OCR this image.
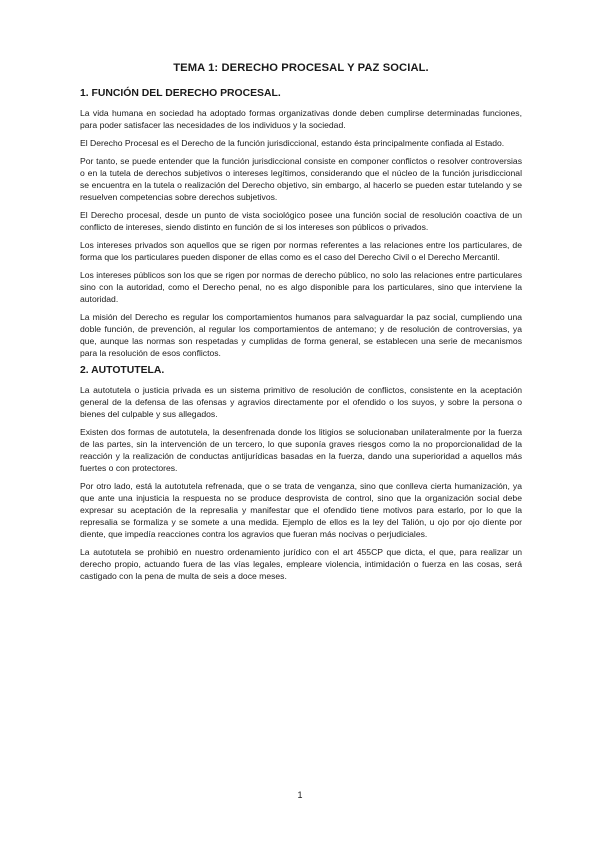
TEMA 1: DERECHO PROCESAL Y PAZ SOCIAL.
1. FUNCIÓN DEL DERECHO PROCESAL.

La vida humana en sociedad ha adoptado formas organizativas donde deben cumplirse determinadas funciones, para poder satisfacer las necesidades de los individuos y la sociedad.

El Derecho Procesal es el Derecho de la función jurisdiccional, estando ésta principalmente confiada al Estado.

Por tanto, se puede entender que la función jurisdiccional consiste en componer conflictos o resolver controversias o en la tutela de derechos subjetivos o intereses legítimos, considerando que el núcleo de la función jurisdiccional se encuentra en la tutela o realización del Derecho objetivo, sin embargo, al hacerlo se pueden estar tutelando y se resuelven competencias sobre derechos subjetivos.

El Derecho procesal, desde un punto de vista sociológico posee una función social de resolución coactiva de un conflicto de intereses, siendo distinto en función de si los intereses son públicos o privados.

Los intereses privados son aquellos que se rigen por normas referentes a las relaciones entre los particulares, de forma que los particulares pueden disponer de ellas como es el caso del Derecho Civil o el Derecho Mercantil.

Los intereses públicos son los que se rigen por normas de derecho público, no solo las relaciones entre particulares sino con la autoridad, como el Derecho penal, no es algo disponible para los particulares, sino que interviene la autoridad.

La misión del Derecho es regular los comportamientos humanos para salvaguardar la paz social, cumpliendo una doble función, de prevención, al regular los comportamientos de antemano; y de resolución de controversias, ya que, aunque las normas son respetadas y cumplidas de forma general, se establecen una serie de mecanismos para la resolución de esos conflictos.

2. AUTOTUTELA.

La autotutela o justicia privada es un sistema primitivo de resolución de conflictos, consistente en la aceptación general de la defensa de las ofensas y agravios directamente por el ofendido o los suyos, y sobre la persona o bienes del culpable y sus allegados.

Existen dos formas de autotutela, la desenfrenada donde los litigios se solucionaban unilateralmente por la fuerza de las partes, sin la intervención de un tercero, lo que suponía graves riesgos como la no proporcionalidad de la reacción y la realización de conductas antijurídicas basadas en la fuerza, dando una superioridad a aquellos más fuertes o con protectores.

Por otro lado, está la autotutela refrenada, que o se trata de venganza, sino que conlleva cierta humanización, ya que ante una injusticia la respuesta no se produce desprovista de control, sino que la organización social debe expresar su aceptación de la represalia y manifestar que el ofendido tiene motivos para estarlo, por lo que la represalia se formaliza y se somete a una medida. Ejemplo de ellos es la ley del Talión, u ojo por ojo diente por diente, que impedía reacciones contra los agravios que fueran más nocivas o perjudiciales.

La autotutela se prohibió en nuestro ordenamiento jurídico con el art 455CP que dicta, el que, para realizar un derecho propio, actuando fuera de las vías legales, empleare violencia, intimidación o fuerza en las cosas, será castigado con la pena de multa de seis a doce meses.

1
